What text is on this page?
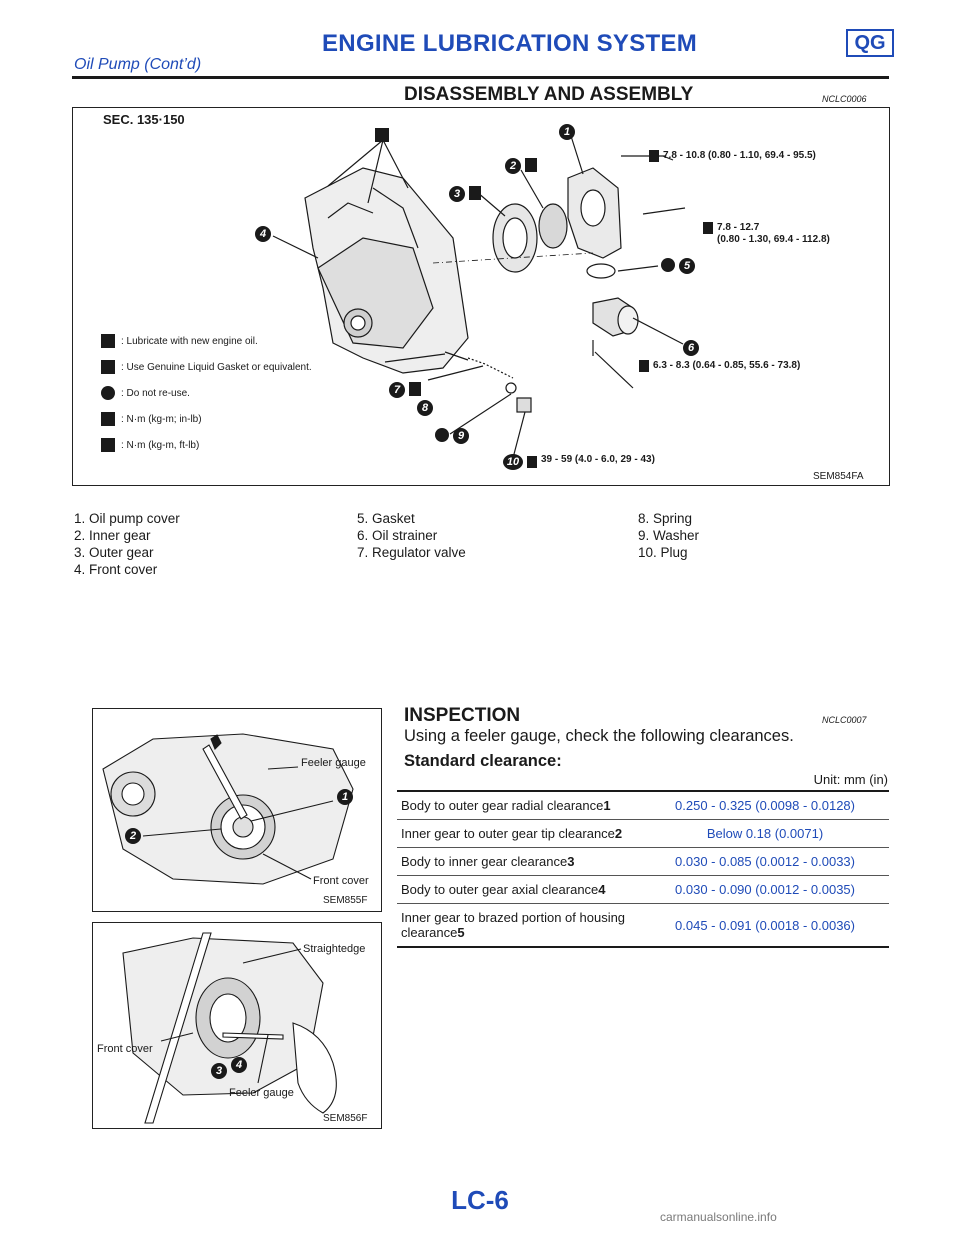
ENGINE LUBRICATION SYSTEM	QG
Oil Pump (Cont’d)
DISASSEMBLY AND ASSEMBLY	NCLC0006
SEC. 135·150
SEM854FA
1
2
3
4
5
6
7
8
9
10
7.8 - 10.8 (0.80 - 1.10, 69.4 - 95.5)
7.8 - 12.7
(0.80 - 1.30, 69.4 - 112.8)
6.3 - 8.3 (0.64 - 0.85, 55.6 - 73.8)
39 - 59 (4.0 - 6.0, 29 - 43)
: Lubricate with new engine oil.
: Use Genuine Liquid Gasket or equivalent.
: Do not re-use.
: N·m (kg-m; in-lb)
: N·m (kg-m, ft-lb)
1. Oil pump cover
2. Inner gear
3. Outer gear
4. Front cover
5. Gasket
6. Oil strainer
7. Regulator valve
8. Spring
9. Washer
10. Plug
Feeler gauge
1
2
Front cover
SEM855F
Straightedge
Front cover
3	4
Feeler gauge
SEM856F
INSPECTION	NCLC0007
Using a feeler gauge, check the following clearances.
Standard clearance:
Unit: mm (in)
Body to outer gear radial clearance1	0.250 - 0.325 (0.0098 - 0.0128)
Inner gear to outer gear tip clearance2	Below 0.18 (0.0071)
Body to inner gear clearance3	0.030 - 0.085 (0.0012 - 0.0033)
Body to outer gear axial clearance4	0.030 - 0.090 (0.0012 - 0.0035)
Inner gear to brazed portion of housing clearance5	0.045 - 0.091 (0.0018 - 0.0036)
LC-6
carmanualsonline.info
